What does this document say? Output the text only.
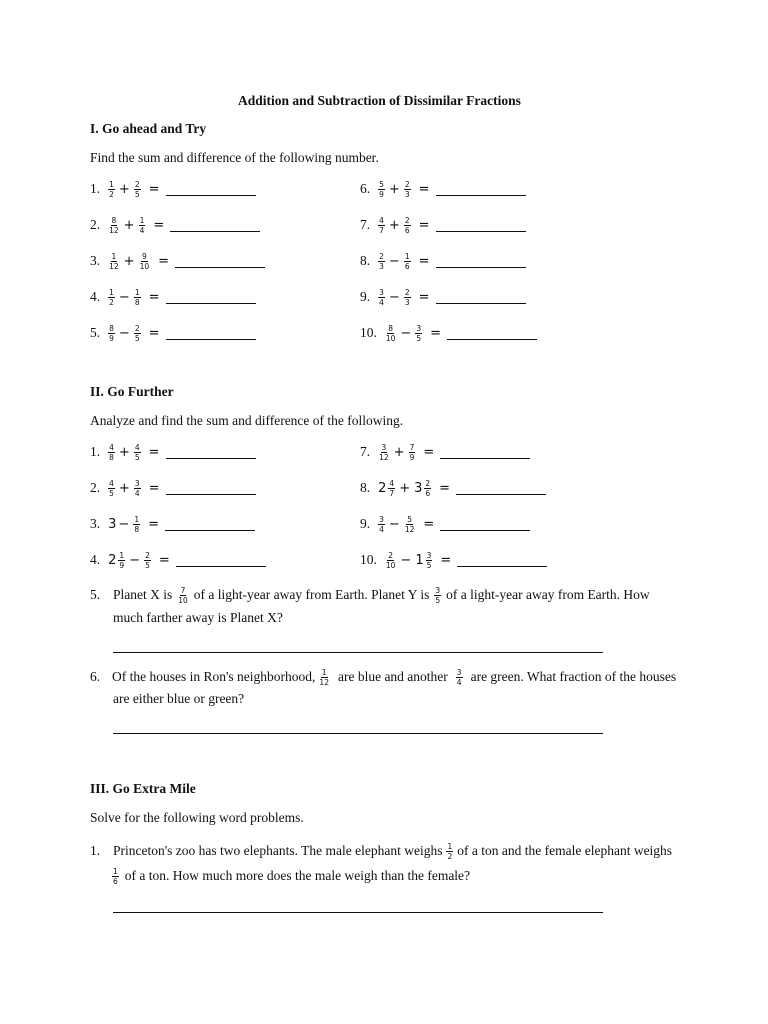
Addition and Subtraction of Dissimilar Fractions
I. Go ahead and Try
Find the sum and difference of the following number.
1. $\frac{1}{2} + \frac{2}{5}$ =
2. $\frac{8}{12} + \frac{1}{4}$ =
3. $\frac{1}{12} + \frac{9}{10}$ =
4. $\frac{1}{2} - \frac{1}{8}$ =
5. $\frac{8}{9} - \frac{2}{5}$ =
6. $\frac{5}{9} + \frac{2}{3}$ =
7. $\frac{4}{7} + \frac{2}{6}$ =
8. $\frac{2}{3} - \frac{1}{6}$ =
9. $\frac{3}{4} - \frac{2}{3}$ =
10. $\frac{8}{10} - \frac{3}{5}$ =
II. Go Further
Analyze and find the sum and difference of the following.
1. $\frac{4}{8} + \frac{4}{5}$ =
2. $\frac{4}{5} + \frac{3}{4}$ =
3. $3 - \frac{1}{8}$ =
4. $2 \frac{1}{9} - \frac{2}{5}$ =
7. $\frac{3}{12} + \frac{7}{9}$ =
8. $2 \frac{4}{7} + 3 \frac{2}{6}$ =
9. $\frac{3}{4} - \frac{5}{12}$ =
10. $\frac{2}{10} - 1 \frac{3}{5}$ =
5. Planet X is $\frac{7}{10}$ of a light-year away from Earth. Planet Y is $\frac{3}{5}$ of a light-year away from Earth. How
much farther away is Planet X?
6. Of the houses in Ron's neighborhood, $\frac{1}{12}$ are blue and another $\frac{3}{4}$ are green. What fraction of the houses
are either blue or green?
III. Go Extra Mile
Solve for the following word problems.
1. Princeton's zoo has two elephants. The male elephant weighs $\frac{1}{2}$ of a ton and the female elephant weighs
$\frac{1}{6}$ of a ton. How much more does the male weigh than the female?
